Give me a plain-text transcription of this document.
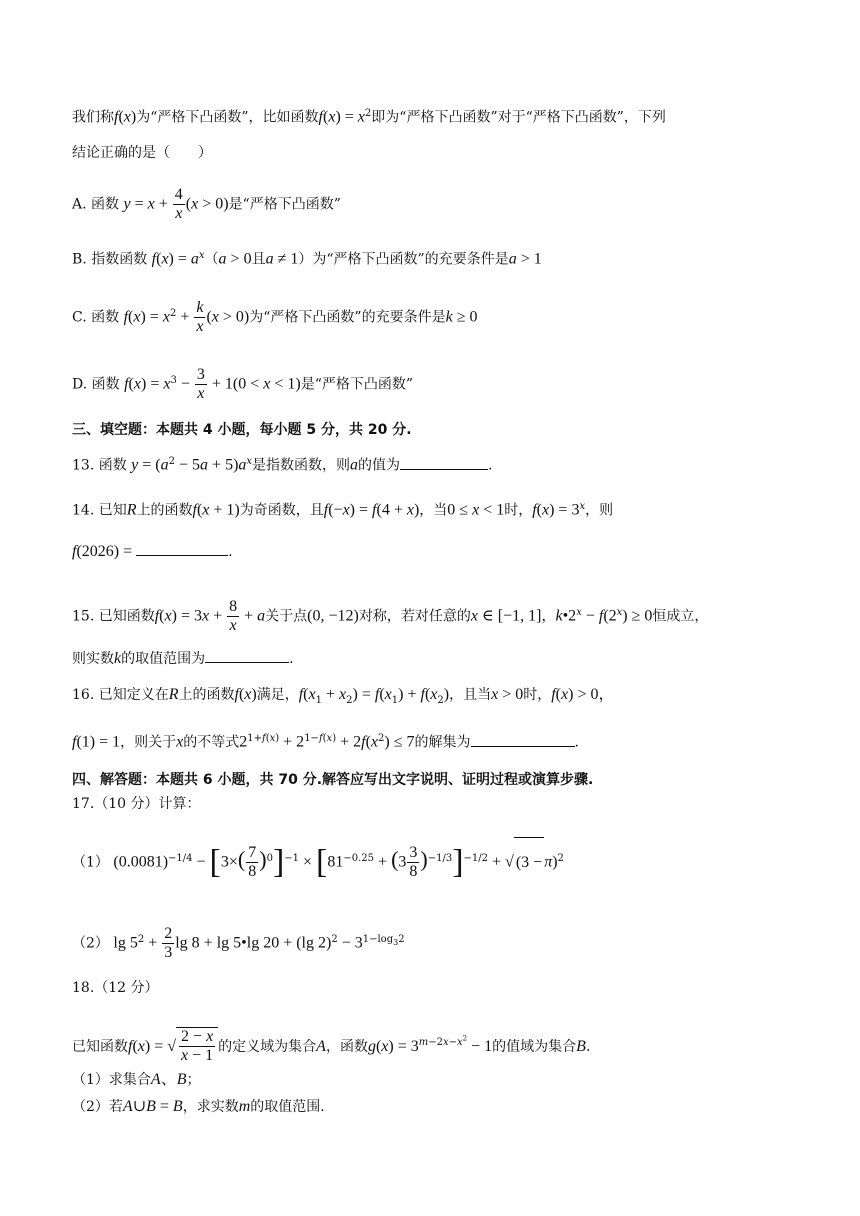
我们称f(x)为“严格下凸函数”，比如函数$f(x) = x^2$即为“严格下凸函数”对于“严格下凸函数”，下列
结论正确的是（　　）
A. 函数 $y = x + \frac{4}{x} (x > 0)$是“严格下凸函数”
B. 指数函数 $f(x) = a^x(a > 0$且a ≠ 1）为“严格下凸函数”的充要条件是a > 1
C. 函数 $f(x) = x^2 + \frac{k}{x} (x > 0)$为“严格下凸函数”的充要条件是k ≥ 0
D. 函数 $f(x) = x^3 - \frac{3}{x} + 1(0 < x < 1)$是“严格下凸函数”
三、填空题：本题共 4 小题，每小题 5 分，共 20 分.
13. 函数 $y = (a^2 - 5a + 5)a^x$是指数函数，则a的值为	.
14. 已知R上的函数f(x + 1)为奇函数，且f(−x) = f(4 + x)，当0 ≤ x < 1时，$f(x) = 3^x$，则
f(2026) =	.
15. 已知函数$f(x) = 3x + \frac{8}{x} + a$关于点(0, −12)对称，若对任意的x ∈ [−1, 1]，$k•2^x - f(2^x) \ge 0$恒成立，
则实数k的取值范围为	.
16. 已知定义在R上的函数f(x)满足，$f(x_1 + x_2) = f(x_1) + f(x_2)$，且当x > 0时，f(x) > 0，
f(1) = 1，则关于x的不等式$2^{1+f(x)} + 2^{1-f(x)} + 2f(x^2) \le 7$的解集为	.
四、解答题：本题共 6 小题，共 70 分.解答应写出文字说明、证明过程或演算步骤.
17.（10 分）计算：
（1） $(0.0081)^{-1/4} - [3\times( \frac{7}{8} )^0]^{-1} \times [81^{-0.25} + (3 \frac{3}{8} )^{-1/3}]^{-1/2}$ + √ $(3 -\pi)^2$
（2） $\lg 5^2 + \frac{2}{3}$ lg 8 + lg 5•lg 20 + (lg $2)^2 - 3^{1-log_32}$
18.（12 分）
已知函数f(x) = √ $\frac{2 - x}{x - 1}$ 的定义域为集合A，函数$g(x) = 3^{m-2x-x^2} - 1$的值域为集合B.
（1）求集合A、B；
（2）若A∪B = B，求实数m的取值范围.
